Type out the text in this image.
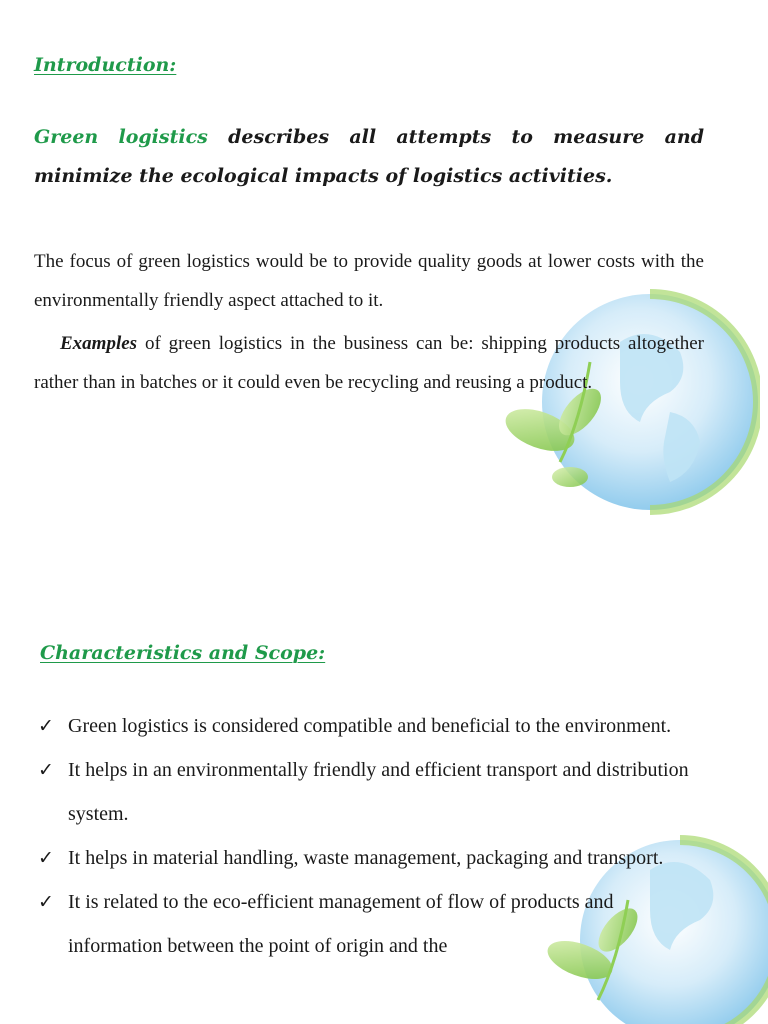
Introduction:

Green logistics describes all attempts to measure and minimize the ecological impacts of logistics activities.

The focus of green logistics would be to provide quality goods at lower costs with the environmentally friendly aspect attached to it.

Examples of green logistics in the business can be: shipping products altogether rather than in batches or it could even be recycling and reusing a product.

Characteristics and Scope:
✓ Green logistics is considered compatible and beneficial to the environment.
✓ It helps in an environmentally friendly and efficient transport and distribution system.
✓ It helps in material handling, waste management, packaging and transport.
✓ It is related to the eco-efficient management of flow of products and information between the point of origin and the
